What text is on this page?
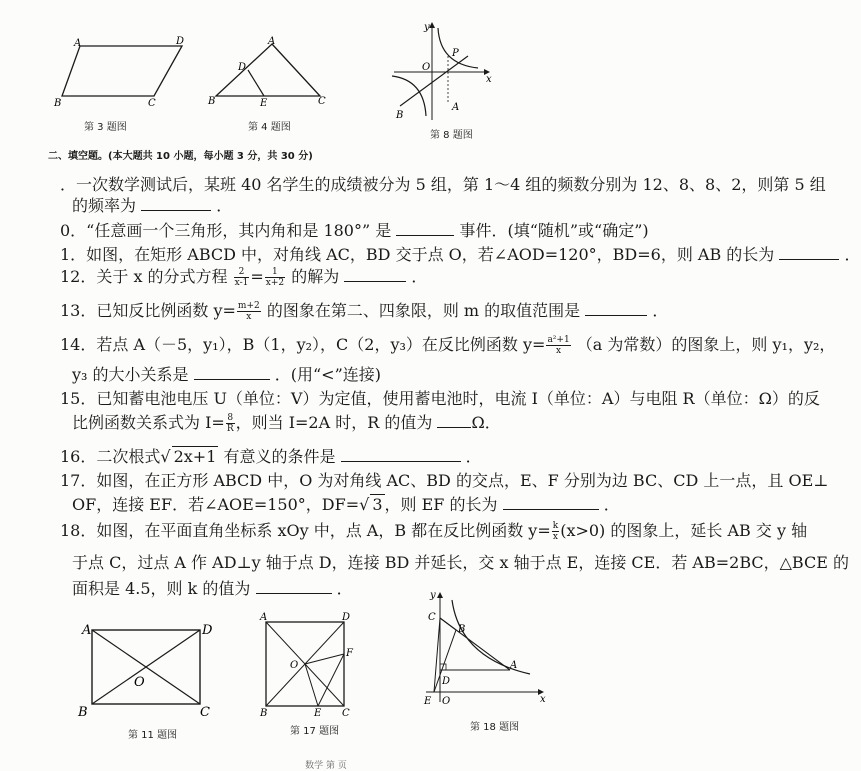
A	D
B	C
第 3 题图
A
D
B	E	C
第 4 题图
y
P
O
x
B
A
第 8 题图
二、填空题。(本大题共 10 小题，每小题 3 分，共 30 分)
．一次数学测试后，某班 40 名学生的成绩被分为 5 组，第 1～4 组的频数分别为 12、8、8、2，则第 5 组
的频率为	．
0．“任意画一个三角形，其内角和是 180°” 是	事件．(填“随机”或“确定”)
1．如图，在矩形 ABCD 中，对角线 AC，BD 交于点 O，若∠AOD=120°，BD=6，则 AB 的长为	．
12．关于 x 的分式方程 $\frac{2}{x-1} = \frac{1}{x+2}$ 的解为	．
13．已知反比例函数 $y= \frac{m+2}{x}$ 的图象在第二、四象限，则 m 的取值范围是	．
14．若点 A（－5，y₁），B（1，y₂），C（2，y₃）在反比例函数 $y= \frac{\text{a²+1}}{x} (a$ 为常数）的图象上，则 y₁，y₂，
y₃ 的大小关系是	．(用“<”连接)
15．已知蓄电池电压 U（单位：V）为定值，使用蓄电池时，电流 I（单位：A）与电阻 R（单位：Ω）的反
比例函数关系式为 $I= \frac{8}{R}$ ，则当 I=2A 时，R 的值为 Ω．
16．二次根式√ 2x+1 有意义的条件是	．
17．如图，在正方形 ABCD 中，O 为对角线 AC、BD 的交点，E、F 分别为边 BC、CD 上一点，且 OE⊥
OF，连接 EF．若∠AOE=150°，DF=√ 3 ，则 EF 的长为	．
18．如图，在平面直角坐标系 xOy 中，点 A，B 都在反比例函数 $y= \frac{k}{x} (x>0)$ 的图象上，延长 AB 交 y 轴
于点 C，过点 A 作 AD⊥y 轴于点 D，连接 BD 并延长，交 x 轴于点 E，连接 CE．若 AB=2BC，△BCE 的
面积是 4.5，则 k 的值为	．
A	D
O
B	C
第 11 题图
A	D
O
F
B	E C
第 17 题图
y
C
B
A
D
E O	x
第 18 题图
数学 第 页
